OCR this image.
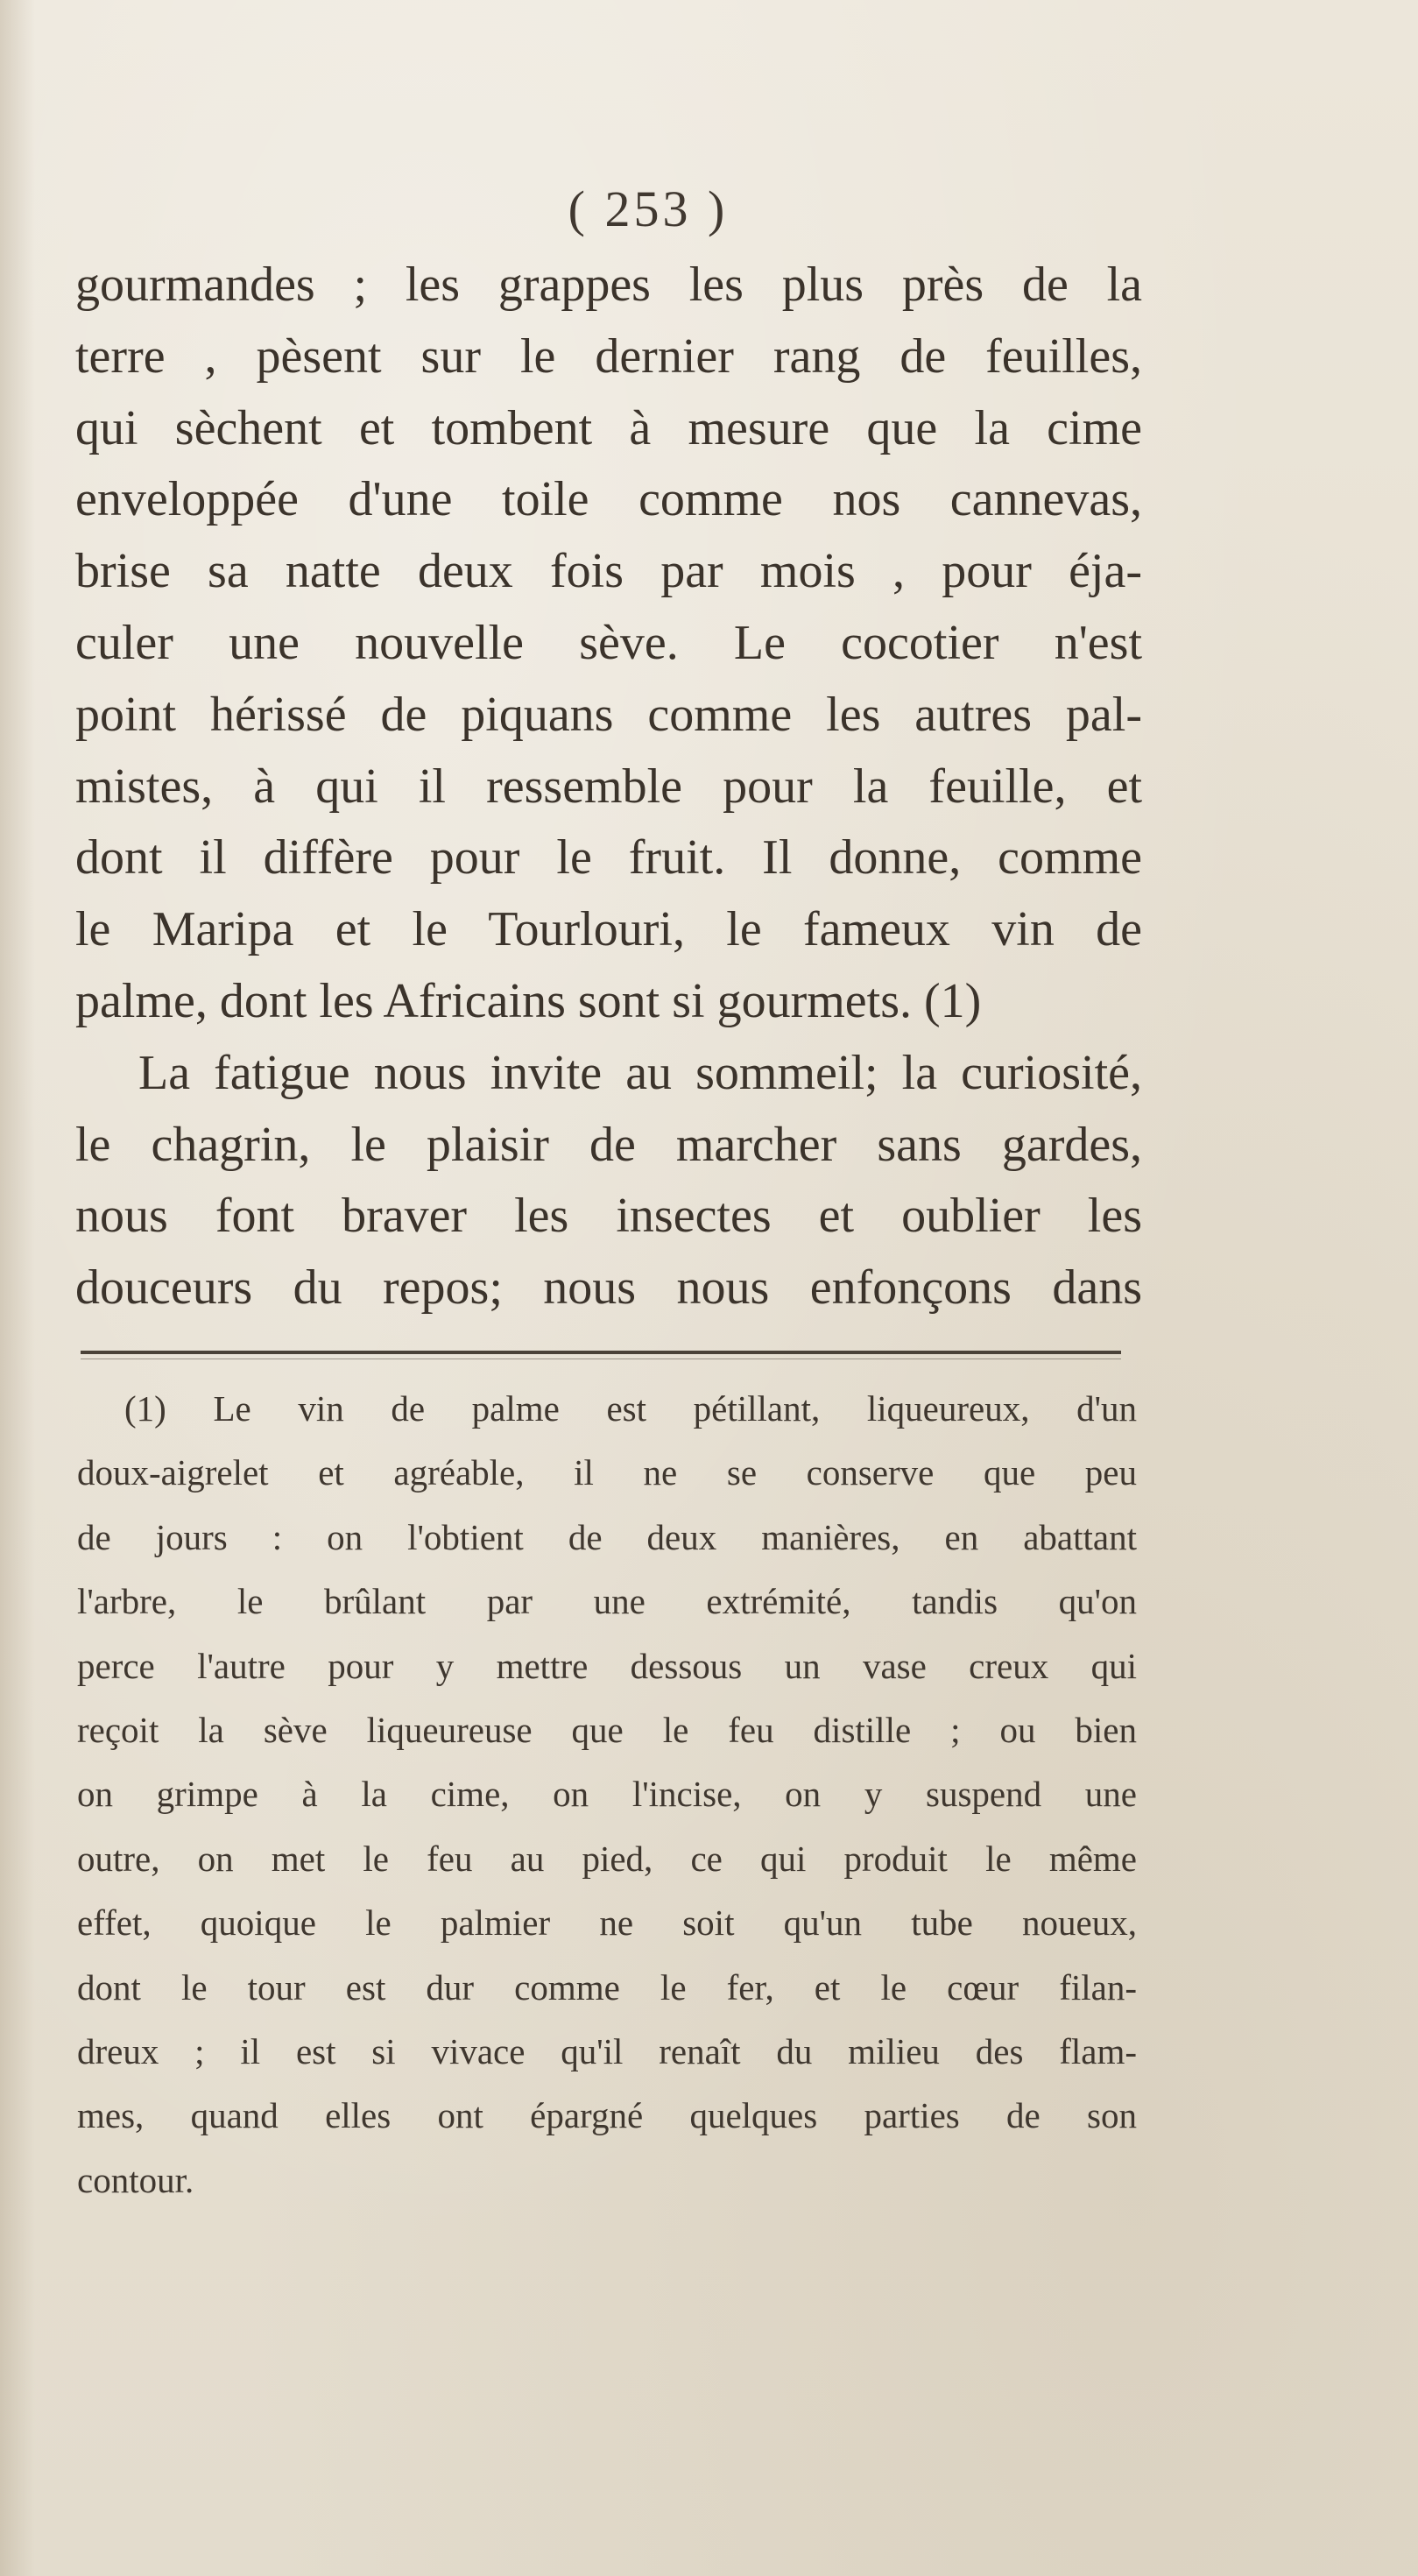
( 253 )
gourmandes ; les grappes les plus près de la
terre , pèsent sur le dernier rang de feuilles,
qui sèchent et tombent à mesure que la cime
enveloppée d'une toile comme nos cannevas,
brise sa natte deux fois par mois , pour éja-
culer une nouvelle sève. Le cocotier n'est
point hérissé de piquans comme les autres pal-
mistes, à qui il ressemble pour la feuille, et
dont il diffère pour le fruit. Il donne, comme
le Maripa et le Tourlouri, le fameux vin de
palme, dont les Africains sont si gourmets. (1)
La fatigue nous invite au sommeil; la curiosité,
le chagrin, le plaisir de marcher sans gardes,
nous font braver les insectes et oublier les
douceurs du repos; nous nous enfonçons dans
(1) Le vin de palme est pétillant, liqueureux, d'un
doux-aigrelet et agréable, il ne se conserve que peu
de jours : on l'obtient de deux manières, en abattant
l'arbre, le brûlant par une extrémité, tandis qu'on
perce l'autre pour y mettre dessous un vase creux qui
reçoit la sève liqueureuse que le feu distille ; ou bien
on grimpe à la cime, on l'incise, on y suspend une
outre, on met le feu au pied, ce qui produit le même
effet, quoique le palmier ne soit qu'un tube noueux,
dont le tour est dur comme le fer, et le cœur filan-
dreux ; il est si vivace qu'il renaît du milieu des flam-
mes, quand elles ont épargné quelques parties de son
contour.
